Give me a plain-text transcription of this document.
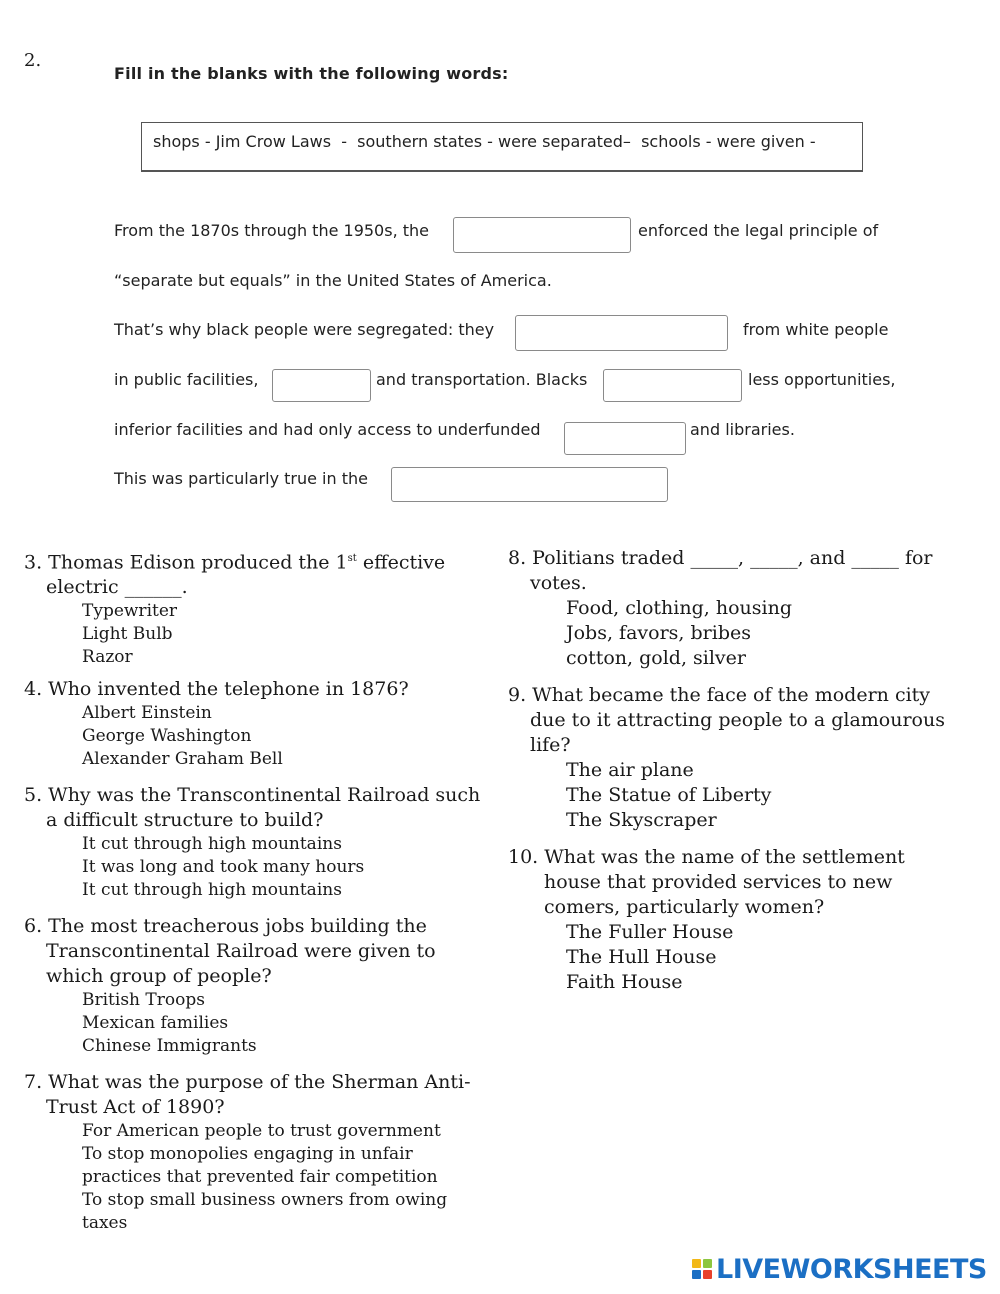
2.
Fill in the blanks with the following words:
shops - Jim Crow Laws  -  southern states - were separated–  schools - were given -
From the 1870s through the 1950s, the	enforced the legal principle of
“separate but equals” in the United States of America.
That’s why black people were segregated: they	from white people
in public facilities,	and transportation. Blacks	less opportunities,
inferior facilities and had only access to underfunded	and libraries.
This was particularly true in the
3. Thomas Edison produced the 1st effective
electric ______.
Typewriter
Light Bulb
Razor
4. Who invented the telephone in 1876?
Albert Einstein
George Washington
Alexander Graham Bell
5. Why was the Transcontinental Railroad such
a difficult structure to build?
It cut through high mountains
It was long and took many hours
It cut through high mountains
6. The most treacherous jobs building the
Transcontinental Railroad were given to
which group of people?
British Troops
Mexican families
Chinese Immigrants
7. What was the purpose of the Sherman Anti-
Trust Act of 1890?
For American people to trust government
To stop monopolies engaging in unfair
practices that prevented fair competition
To stop small business owners from owing
taxes
8. Politians traded _____, _____, and _____ for
votes.
Food, clothing, housing
Jobs, favors, bribes
cotton, gold, silver
9. What became the face of the modern city
due to it attracting people to a glamourous
life?
The air plane
The Statue of Liberty
The Skyscraper
10. What was the name of the settlement
house that provided services to new
comers, particularly women?
The Fuller House
The Hull House
Faith House
LIVEWORKSHEETS
